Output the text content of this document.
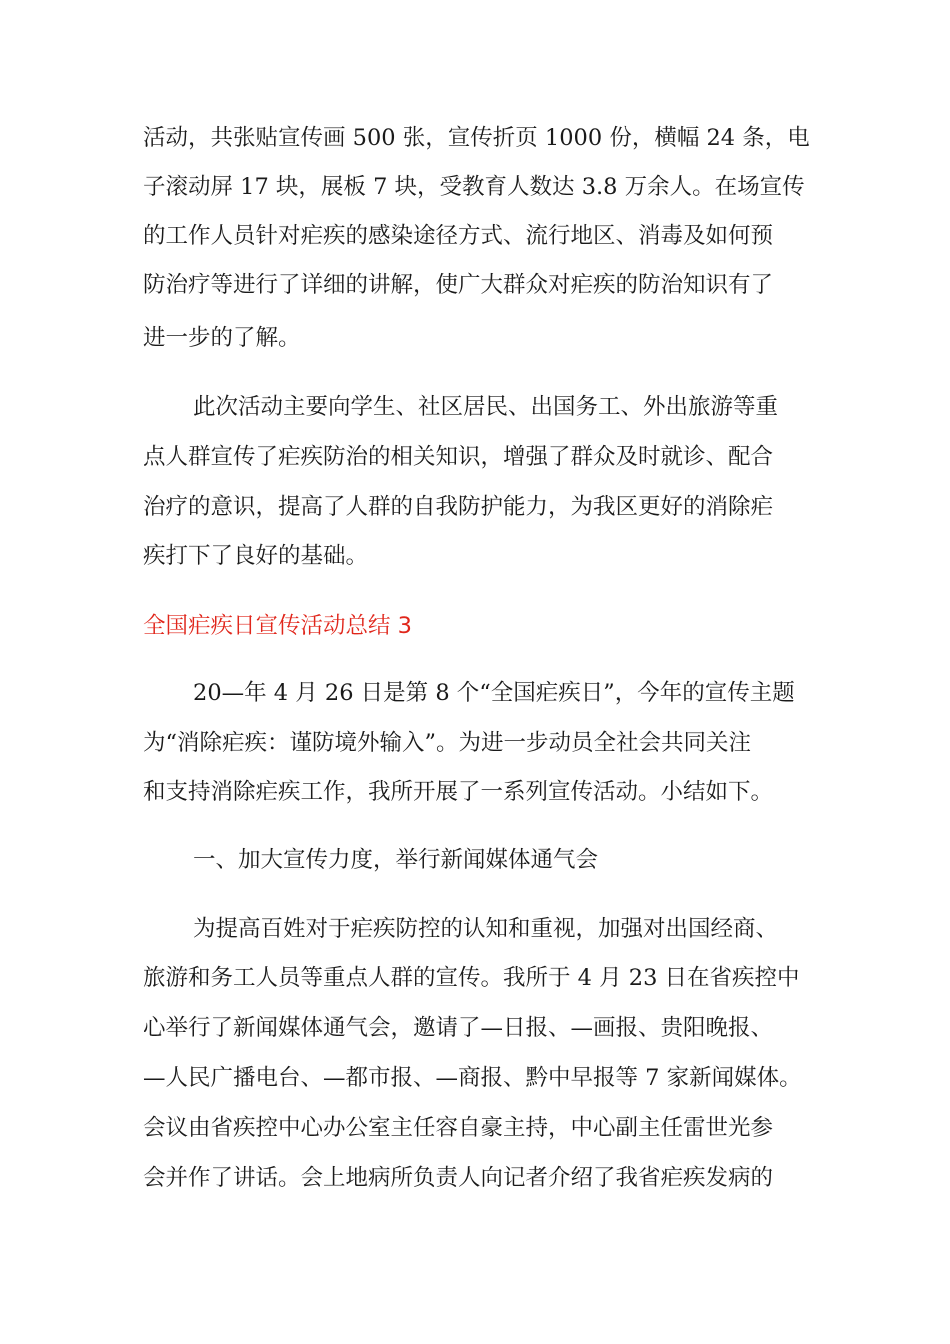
活动，共张贴宣传画 500 张，宣传折页 1000 份，横幅 24 条，电
子滚动屏 17 块，展板 7 块，受教育人数达 3.8 万余人。在场宣传
的工作人员针对疟疾的感染途径方式、流行地区、消毒及如何预
防治疗等进行了详细的讲解，使广大群众对疟疾的防治知识有了
进一步的了解。
此次活动主要向学生、社区居民、出国务工、外出旅游等重
点人群宣传了疟疾防治的相关知识，增强了群众及时就诊、配合
治疗的意识，提高了人群的自我防护能力，为我区更好的消除疟
疾打下了良好的基础。
全国疟疾日宣传活动总结 3
20—年 4 月 26 日是第 8 个“全国疟疾日”，今年的宣传主题
为“消除疟疾：谨防境外输入”。为进一步动员全社会共同关注
和支持消除疟疾工作，我所开展了一系列宣传活动。小结如下。
一、加大宣传力度，举行新闻媒体通气会
为提高百姓对于疟疾防控的认知和重视，加强对出国经商、
旅游和务工人员等重点人群的宣传。我所于 4 月 23 日在省疾控中
心举行了新闻媒体通气会，邀请了—日报、—画报、贵阳晚报、
—人民广播电台、—都市报、—商报、黔中早报等 7 家新闻媒体。
会议由省疾控中心办公室主任容自豪主持，中心副主任雷世光参
会并作了讲话。会上地病所负责人向记者介绍了我省疟疾发病的
